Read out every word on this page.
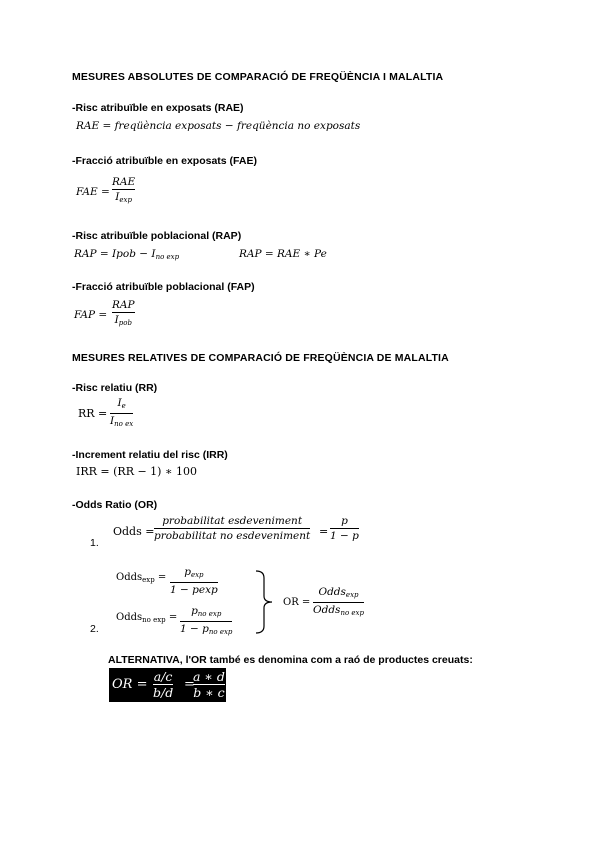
MESURES ABSOLUTES DE COMPARACIÓ DE FREQÜÈNCIA I MALALTIA
-Risc atribuïble en exposats (RAE)
RAE = freqüència exposats − freqüència no exposats
-Fracció atribuïble en exposats (FAE)
FAE =
RAE
$I_{exp}$
-Risc atribuïble poblacional (RAP)
RAP = Ipob − $I_{no exp}$	RAP = RAE ∗ Pe
-Fracció atribuïble poblacional (FAP)
FAP =
RAP
$I_{pob}$
MESURES RELATIVES DE COMPARACIÓ DE FREQÜÈNCIA DE MALALTIA
-Risc relatiu (RR)
RR =
$I_e$
$I_{no ex}$
-Increment relatiu del risc (IRR)
IRR = (RR − 1) ∗ 100
-Odds Ratio (OR)
1.
Odds =
probabilitat esdeveniment
probabilitat no esdeveniment =
p
1 − p
2.
Odds$_{exp}$ = $p_{exp}$
1 − pexp
Odds$_{no exp}$ =
$p_{no exp}$
$1 - p_{no exp}$
OR =
Odds$_{exp}$
Odds$_{no exp}$
ALTERNATIVA, l'OR també es denomina com a raó de productes creuats:
OR =
a/c
b/d
=
a ∗ d
b ∗ c
